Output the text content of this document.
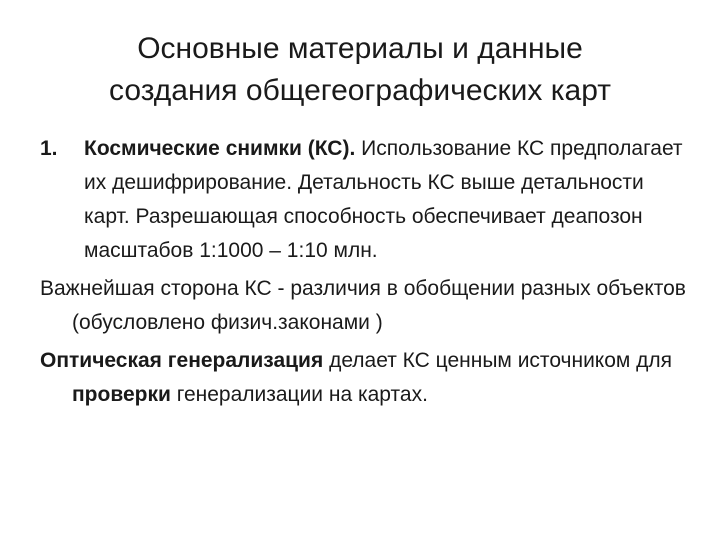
Основные материалы и данные
создания общегеографических карт

1. Космические снимки (КС). Использование КС предполагает их дешифрирование. Детальность КС выше детальности карт. Разрешающая способность обеспечивает деапозон масштабов 1:1000 – 1:10 млн.

Важнейшая сторона КС - различия в обобщении разных объектов (обусловлено физич.законами )

Оптическая генерализация делает КС ценным источником для проверки генерализации на картах.
